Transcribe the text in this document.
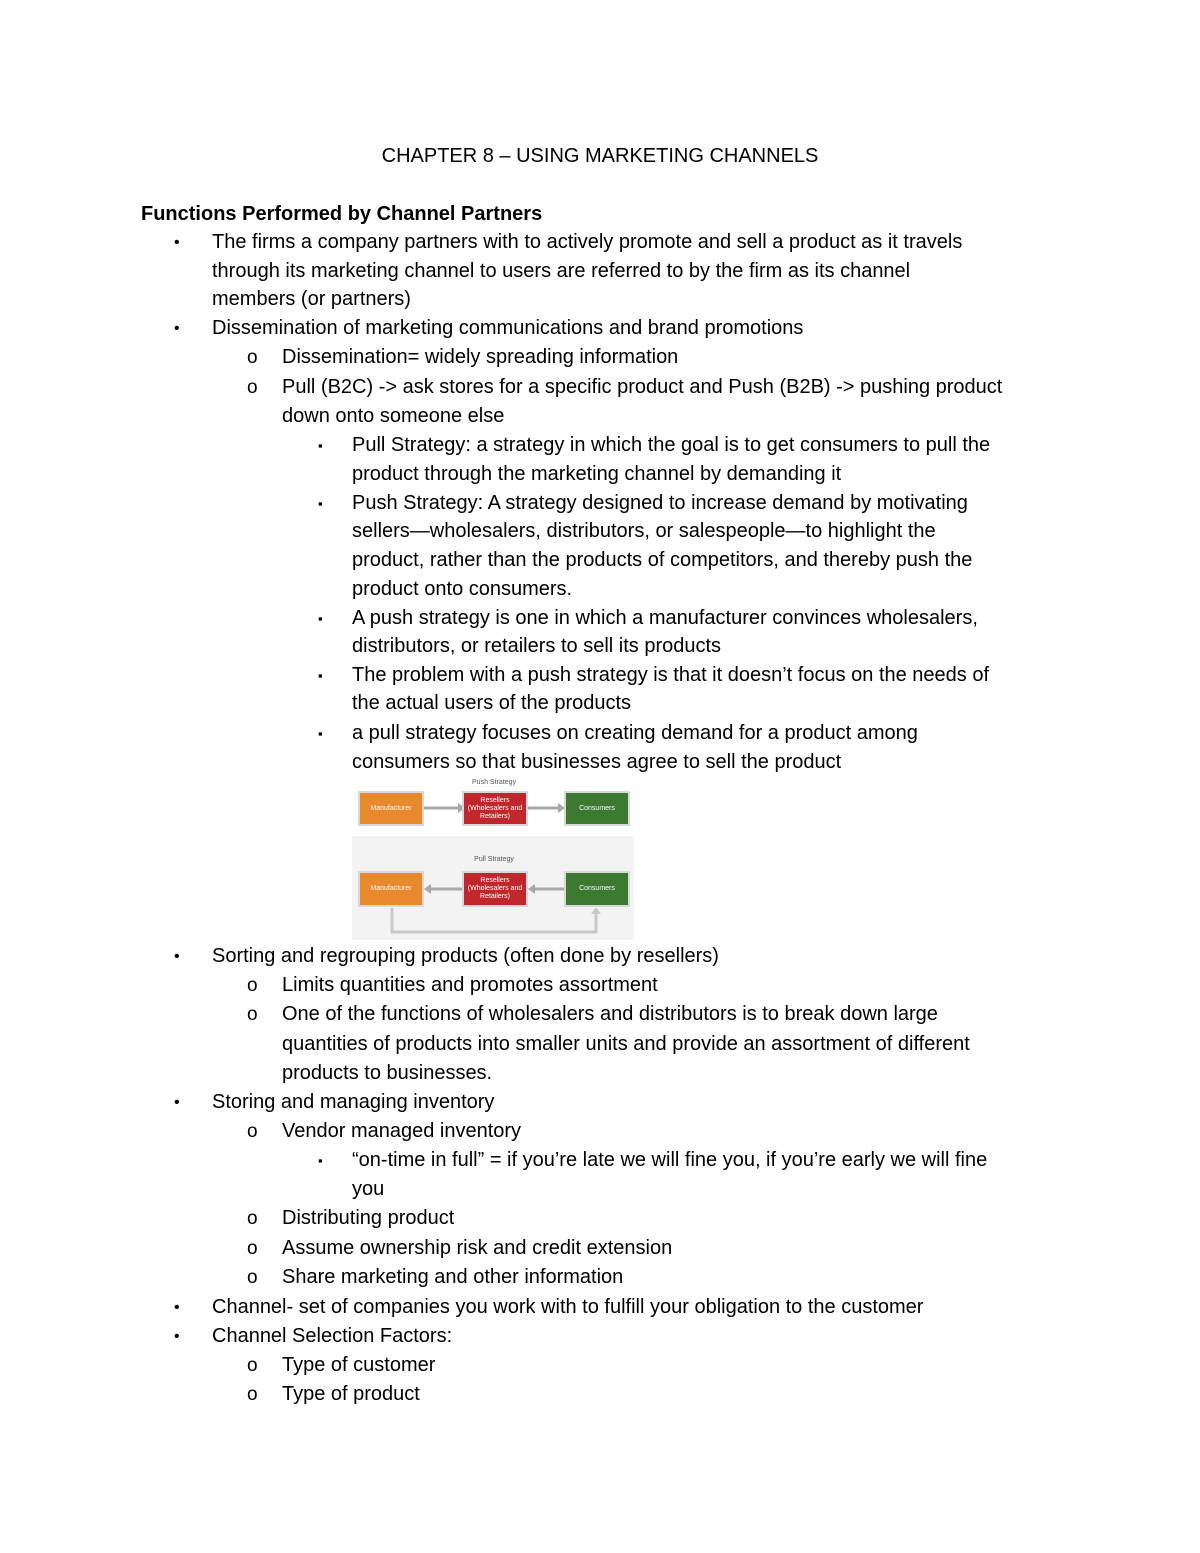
CHAPTER 8 – USING MARKETING CHANNELS
Functions Performed by Channel Partners
• The firms a company partners with to actively promote and sell a product as it travels
through its marketing channel to users are referred to by the firm as its channel
members (or partners)
• Dissemination of marketing communications and brand promotions
o Dissemination= widely spreading information
o Pull (B2C) -> ask stores for a specific product and Push (B2B) -> pushing product
down onto someone else
▪ Pull Strategy: a strategy in which the goal is to get consumers to pull the
product through the marketing channel by demanding it
▪ Push Strategy: A strategy designed to increase demand by motivating
sellers—wholesalers, distributors, or salespeople—to highlight the
product, rather than the products of competitors, and thereby push the
product onto consumers.
▪ A push strategy is one in which a manufacturer convinces wholesalers,
distributors, or retailers to sell its products
▪ The problem with a push strategy is that it doesn’t focus on the needs of
the actual users of the products
▪ a pull strategy focuses on creating demand for a product among
consumers so that businesses agree to sell the product
Push Strategy
Manufacturer
Resellers (Wholesalers and Retailers)
Consumers
Pull Strategy
Manufacturer
Resellers (Wholesalers and Retailers)
Consumers
• Sorting and regrouping products (often done by resellers)
o Limits quantities and promotes assortment
o One of the functions of wholesalers and distributors is to break down large
quantities of products into smaller units and provide an assortment of different
products to businesses.
• Storing and managing inventory
o Vendor managed inventory
▪ “on-time in full” = if you’re late we will fine you, if you’re early we will fine
you
o Distributing product
o Assume ownership risk and credit extension
o Share marketing and other information
• Channel- set of companies you work with to fulfill your obligation to the customer
• Channel Selection Factors:
o Type of customer
o Type of product
